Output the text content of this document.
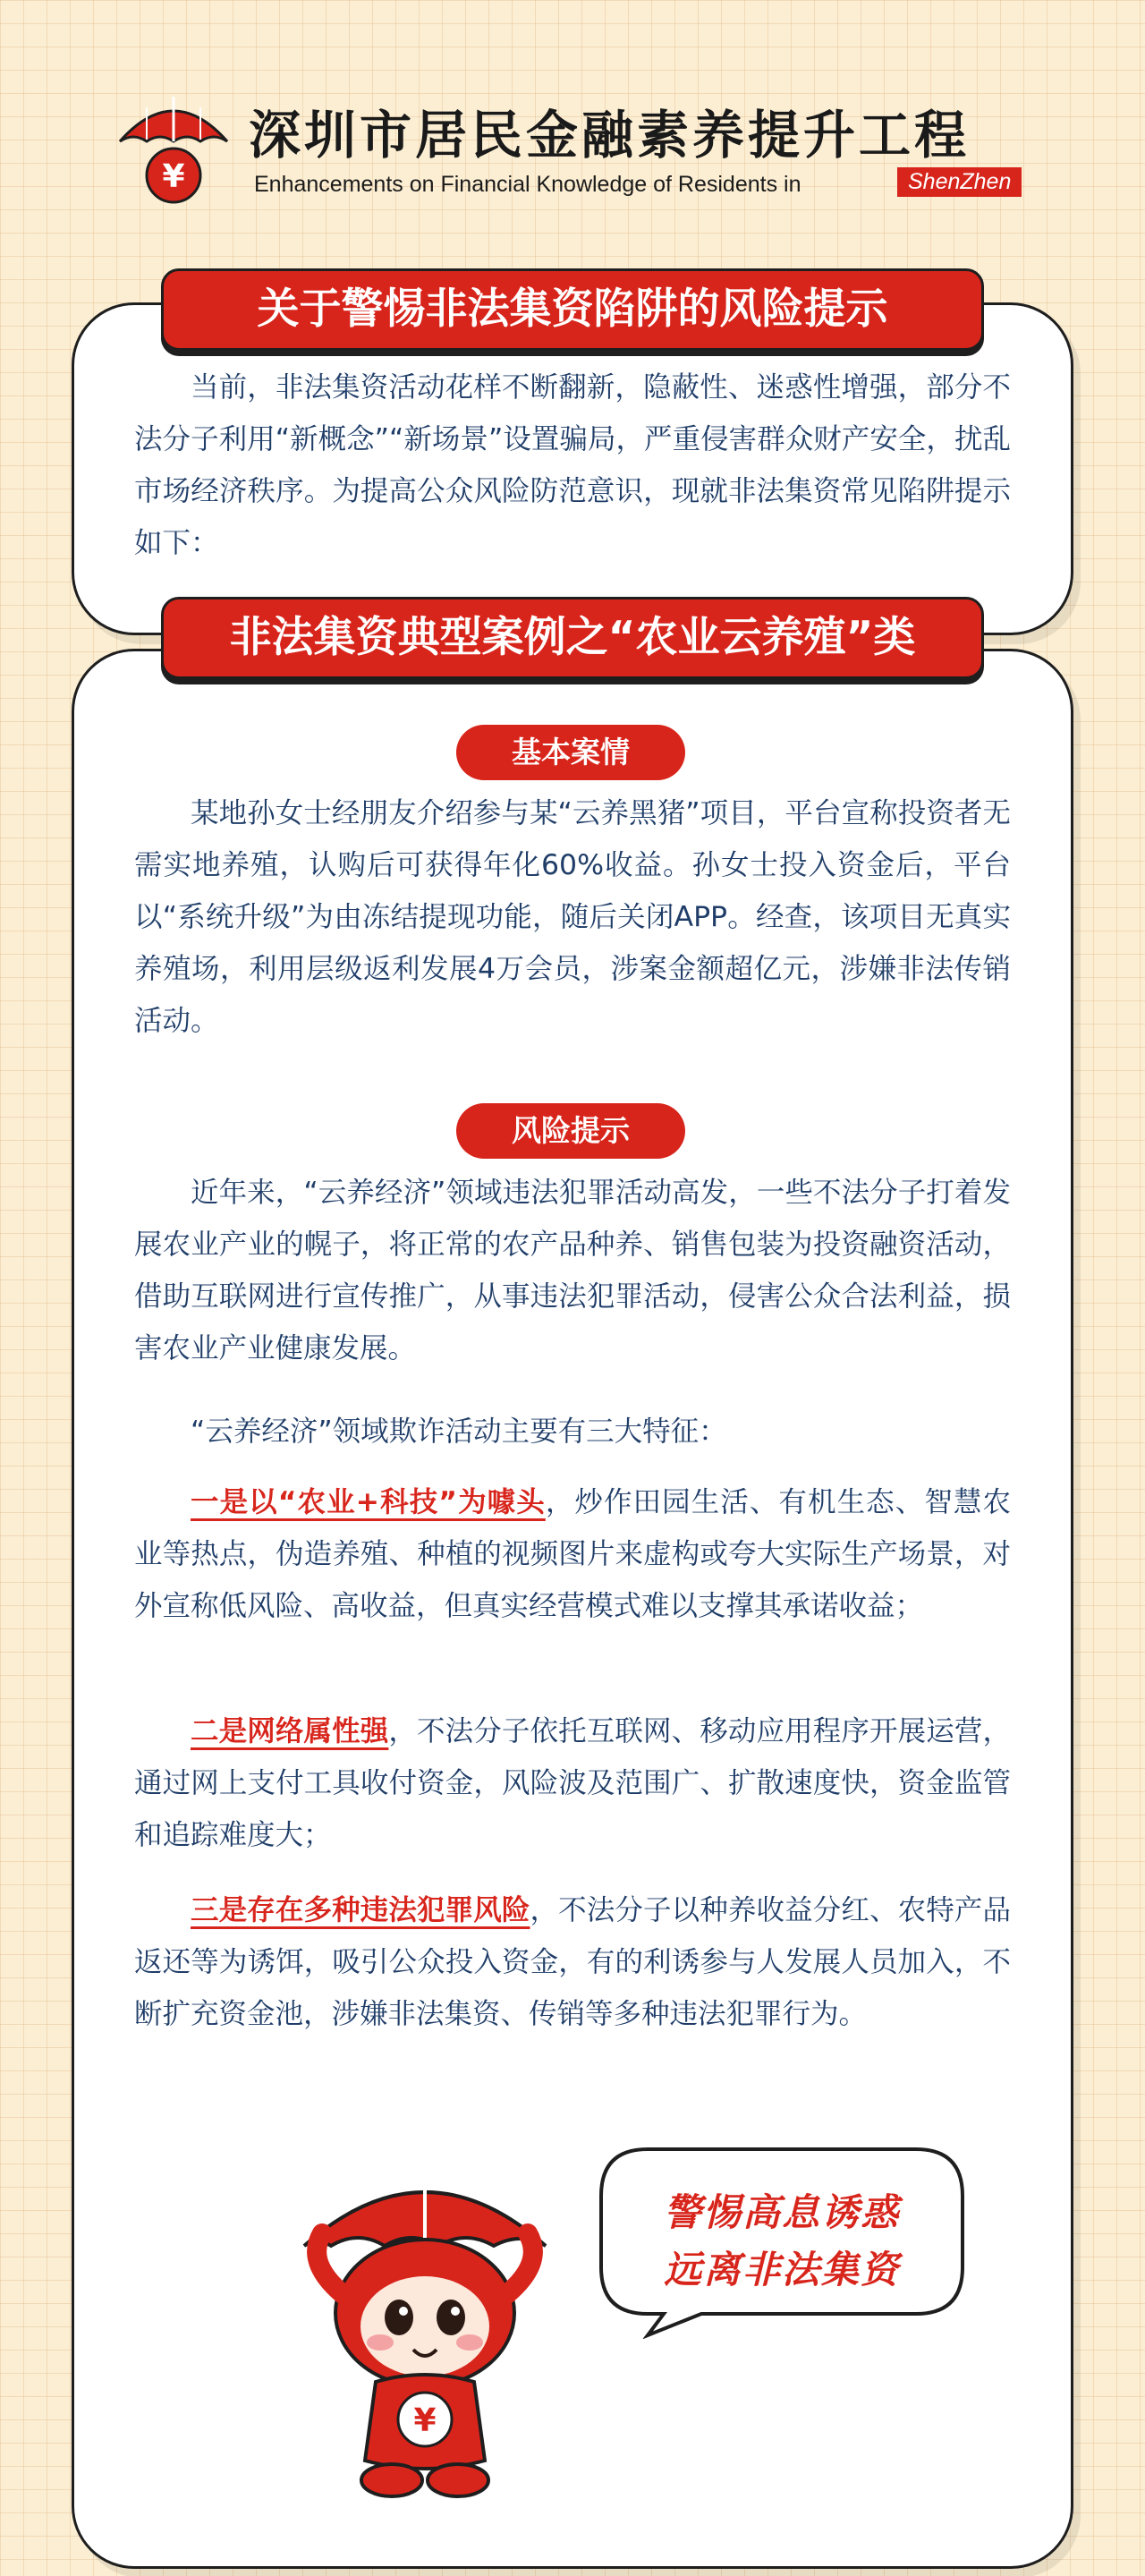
¥
深圳市居民金融素养提升工程
Enhancements on Financial Knowledge of Residents in	ShenZhen
关于警惕非法集资陷阱的风险提示

当前，非法集资活动花样不断翻新，隐蔽性、迷惑性增强，部分不法分子利用“新概念”“新场景”设置骗局，严重侵害群众财产安全，扰乱市场经济秩序。为提高公众风险防范意识，现就非法集资常见陷阱提示如下：

非法集资典型案例之“农业云养殖”类
基本案情

某地孙女士经朋友介绍参与某“云养黑猪”项目，平台宣称投资者无需实地养殖，认购后可获得年化60%收益。孙女士投入资金后，平台以“系统升级”为由冻结提现功能，随后关闭APP。经查，该项目无真实养殖场，利用层级返利发展4万会员，涉案金额超亿元，涉嫌非法传销活动。

风险提示

近年来，“云养经济”领域违法犯罪活动高发，一些不法分子打着发展农业产业的幌子，将正常的农产品种养、销售包装为投资融资活动，借助互联网进行宣传推广，从事违法犯罪活动，侵害公众合法利益，损害农业产业健康发展。

“云养经济”领域欺诈活动主要有三大特征：

一是以“农业+科技”为噱头，炒作田园生活、有机生态、智慧农业等热点，伪造养殖、种植的视频图片来虚构或夸大实际生产场景，对外宣称低风险、高收益，但真实经营模式难以支撑其承诺收益；

二是网络属性强，不法分子依托互联网、移动应用程序开展运营，通过网上支付工具收付资金，风险波及范围广、扩散速度快，资金监管和追踪难度大；

三是存在多种违法犯罪风险，不法分子以种养收益分红、农特产品返还等为诱饵，吸引公众投入资金，有的利诱参与人发展人员加入，不断扩充资金池，涉嫌非法集资、传销等多种违法犯罪行为。

¥
警惕高息诱惑
远离非法集资
